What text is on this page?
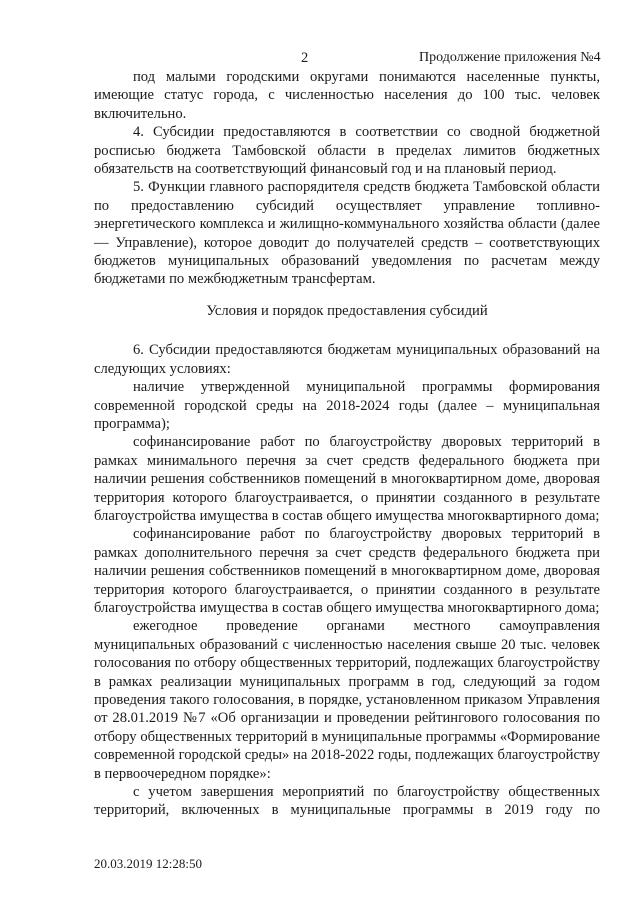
2	Продолжение приложения №4

под малыми городскими округами понимаются населенные пункты, имеющие статус города, с численностью населения до 100 тыс. человек включительно.

4. Субсидии предоставляются в соответствии со сводной бюджетной росписью бюджета Тамбовской области в пределах лимитов бюджетных обязательств на соответствующий финансовый год и на плановый период.

5. Функции главного распорядителя средств бюджета Тамбовской области по предоставлению субсидий осуществляет управление топливно-энергетического комплекса и жилищно-коммунального хозяйства области (далее — Управление), которое доводит до получателей средств – соответствующих бюджетов муниципальных образований уведомления по расчетам между бюджетами по межбюджетным трансфертам.

Условия и порядок предоставления субсидий

6. Субсидии предоставляются бюджетам муниципальных образований на следующих условиях:

наличие утвержденной муниципальной программы формирования современной городской среды на 2018-2024 годы (далее – муниципальная программа);

софинансирование работ по благоустройству дворовых территорий в рамках минимального перечня за счет средств федерального бюджета при наличии решения собственников помещений в многоквартирном доме, дворовая территория которого благоустраивается, о принятии созданного в результате благоустройства имущества в состав общего имущества многоквартирного дома;

софинансирование работ по благоустройству дворовых территорий в рамках дополнительного перечня за счет средств федерального бюджета при наличии решения собственников помещений в многоквартирном доме, дворовая территория которого благоустраивается, о принятии созданного в результате благоустройства имущества в состав общего имущества многоквартирного дома;

ежегодное проведение органами местного самоуправления муниципальных образований с численностью населения свыше 20 тыс. человек голосования по отбору общественных территорий, подлежащих благоустройству в рамках реализации муниципальных программ в год, следующий за годом проведения такого голосования, в порядке, установленном приказом Управления от 28.01.2019 №7 «Об организации и проведении рейтингового голосования по отбору общественных территорий в муниципальные программы «Формирование современной городской среды» на 2018-2022 годы, подлежащих благоустройству в первоочередном порядке»:

с учетом завершения мероприятий по благоустройству общественных территорий, включенных в муниципальные программы в 2019 году по

20.03.2019 12:28:50
